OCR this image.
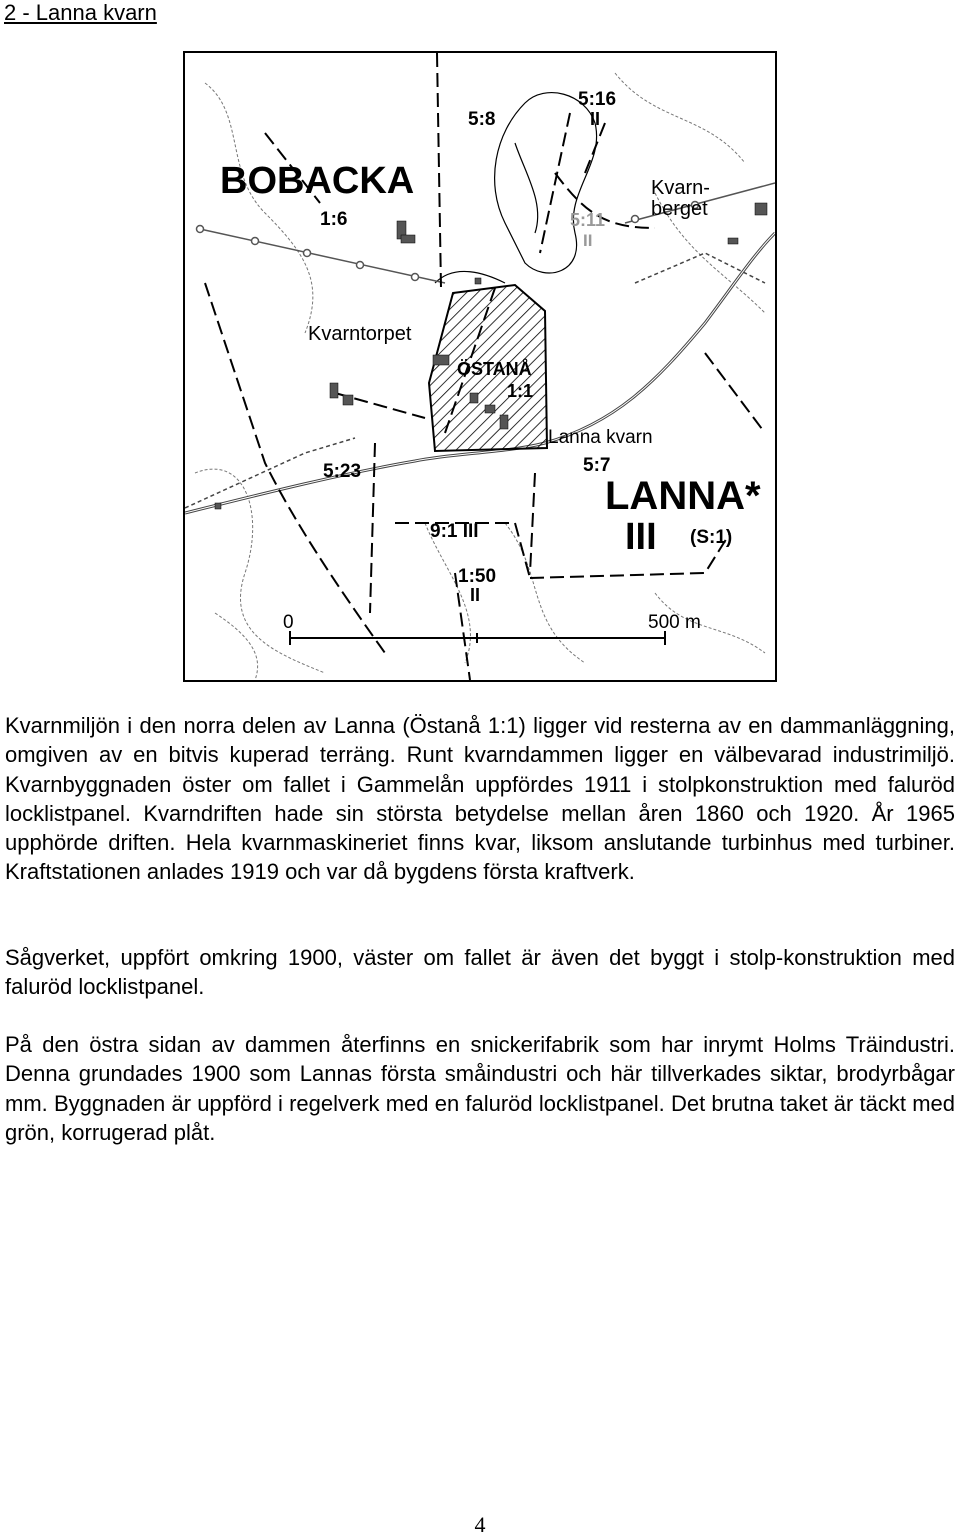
2 - Lanna kvarn
BOBACKA
1:6
5:8
5:16
II
Kvarn-
berget
5:11
II
Kvarntorpet
ÖSTANÅ
1:1
Lanna kvarn
5:23	5:7
LANNA*
III (S:1)
9:1 III
1:50
II
0	500 m
Kvarnmiljön i den norra delen av Lanna (Östanå 1:1) ligger vid resterna av en dammanläggning, omgiven av en bitvis kuperad terräng. Runt kvarndammen ligger en välbevarad industrimiljö. Kvarnbyggnaden öster om fallet i Gammelån uppfördes 1911 i stolpkonstruktion med faluröd locklistpanel. Kvarndriften hade sin största betydelse mellan åren 1860 och 1920. År 1965 upphörde driften. Hela kvarnmaskineriet finns kvar, liksom anslutande turbinhus med turbiner. Kraftstationen anlades 1919 och var då bygdens första kraftverk.
Sågverket, uppfört omkring 1900, väster om fallet är även det byggt i stolp-konstruktion med faluröd locklistpanel.
På den östra sidan av dammen återfinns en snickerifabrik som har inrymt Holms Träindustri. Denna grundades 1900 som Lannas första småindustri och här tillverkades siktar, brodyrbågar mm. Byggnaden är uppförd i regelverk med en faluröd locklistpanel. Det brutna taket är täckt med grön, korrugerad plåt.
4
